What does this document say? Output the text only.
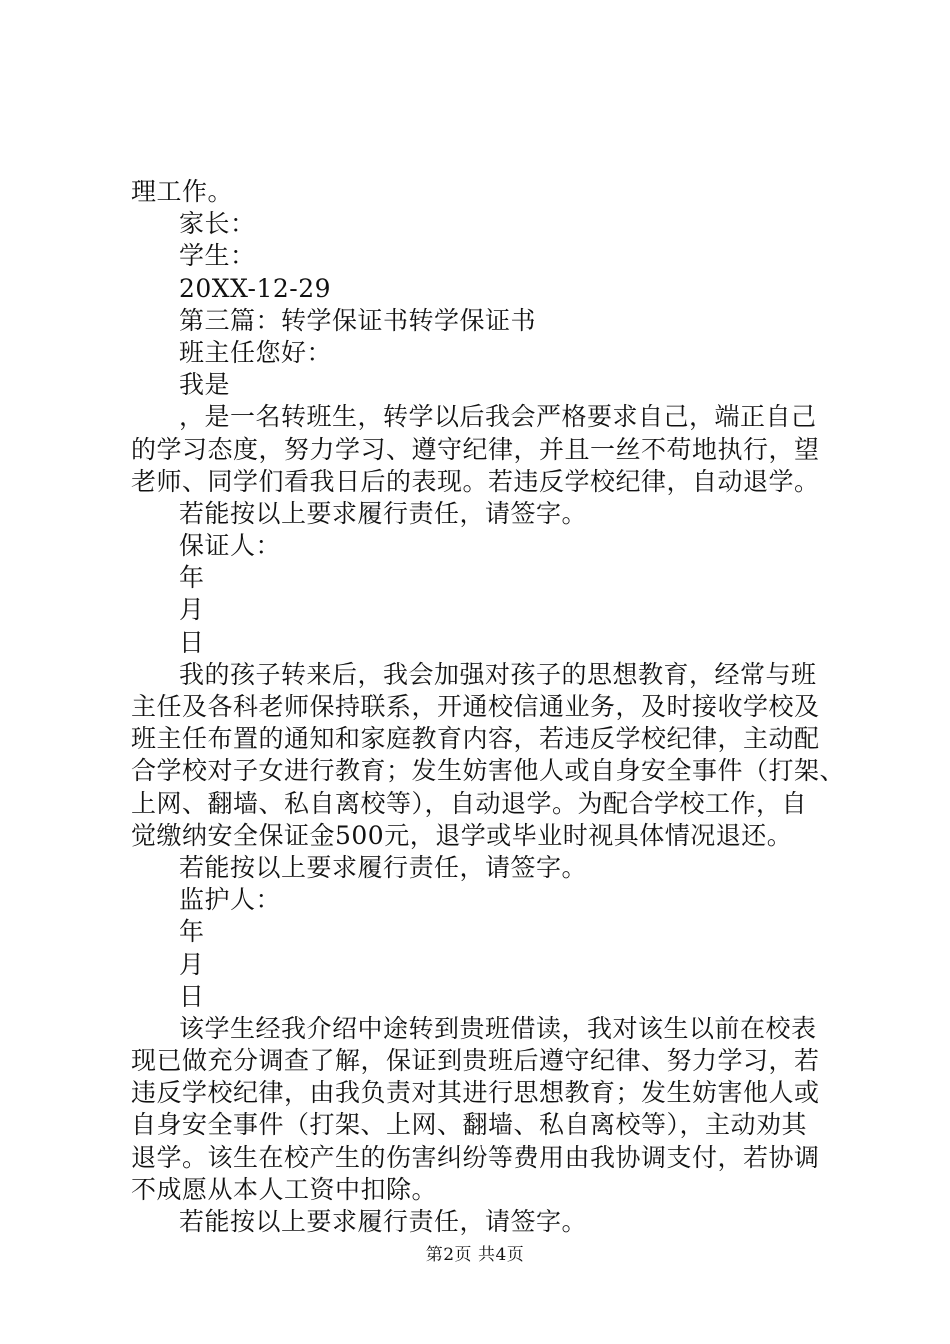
理工作。
家长：
学生：
20XX-12-29
第三篇：转学保证书转学保证书
班主任您好：
我是
，是一名转班生，转学以后我会严格要求自己，端正自己
的学习态度，努力学习、遵守纪律，并且一丝不苟地执行，望
老师、同学们看我日后的表现。若违反学校纪律，自动退学。
若能按以上要求履行责任，请签字。
保证人：
年
月
日
我的孩子转来后，我会加强对孩子的思想教育，经常与班
主任及各科老师保持联系，开通校信通业务，及时接收学校及
班主任布置的通知和家庭教育内容，若违反学校纪律，主动配
合学校对子女进行教育；发生妨害他人或自身安全事件（打架、
上网、翻墙、私自离校等），自动退学。为配合学校工作，自
觉缴纳安全保证金500元，退学或毕业时视具体情况退还。
若能按以上要求履行责任，请签字。
监护人：
年
月
日
该学生经我介绍中途转到贵班借读，我对该生以前在校表
现已做充分调查了解，保证到贵班后遵守纪律、努力学习，若
违反学校纪律，由我负责对其进行思想教育；发生妨害他人或
自身安全事件（打架、上网、翻墙、私自离校等），主动劝其
退学。该生在校产生的伤害纠纷等费用由我协调支付，若协调
不成愿从本人工资中扣除。
若能按以上要求履行责任，请签字。
第2页 共4页
